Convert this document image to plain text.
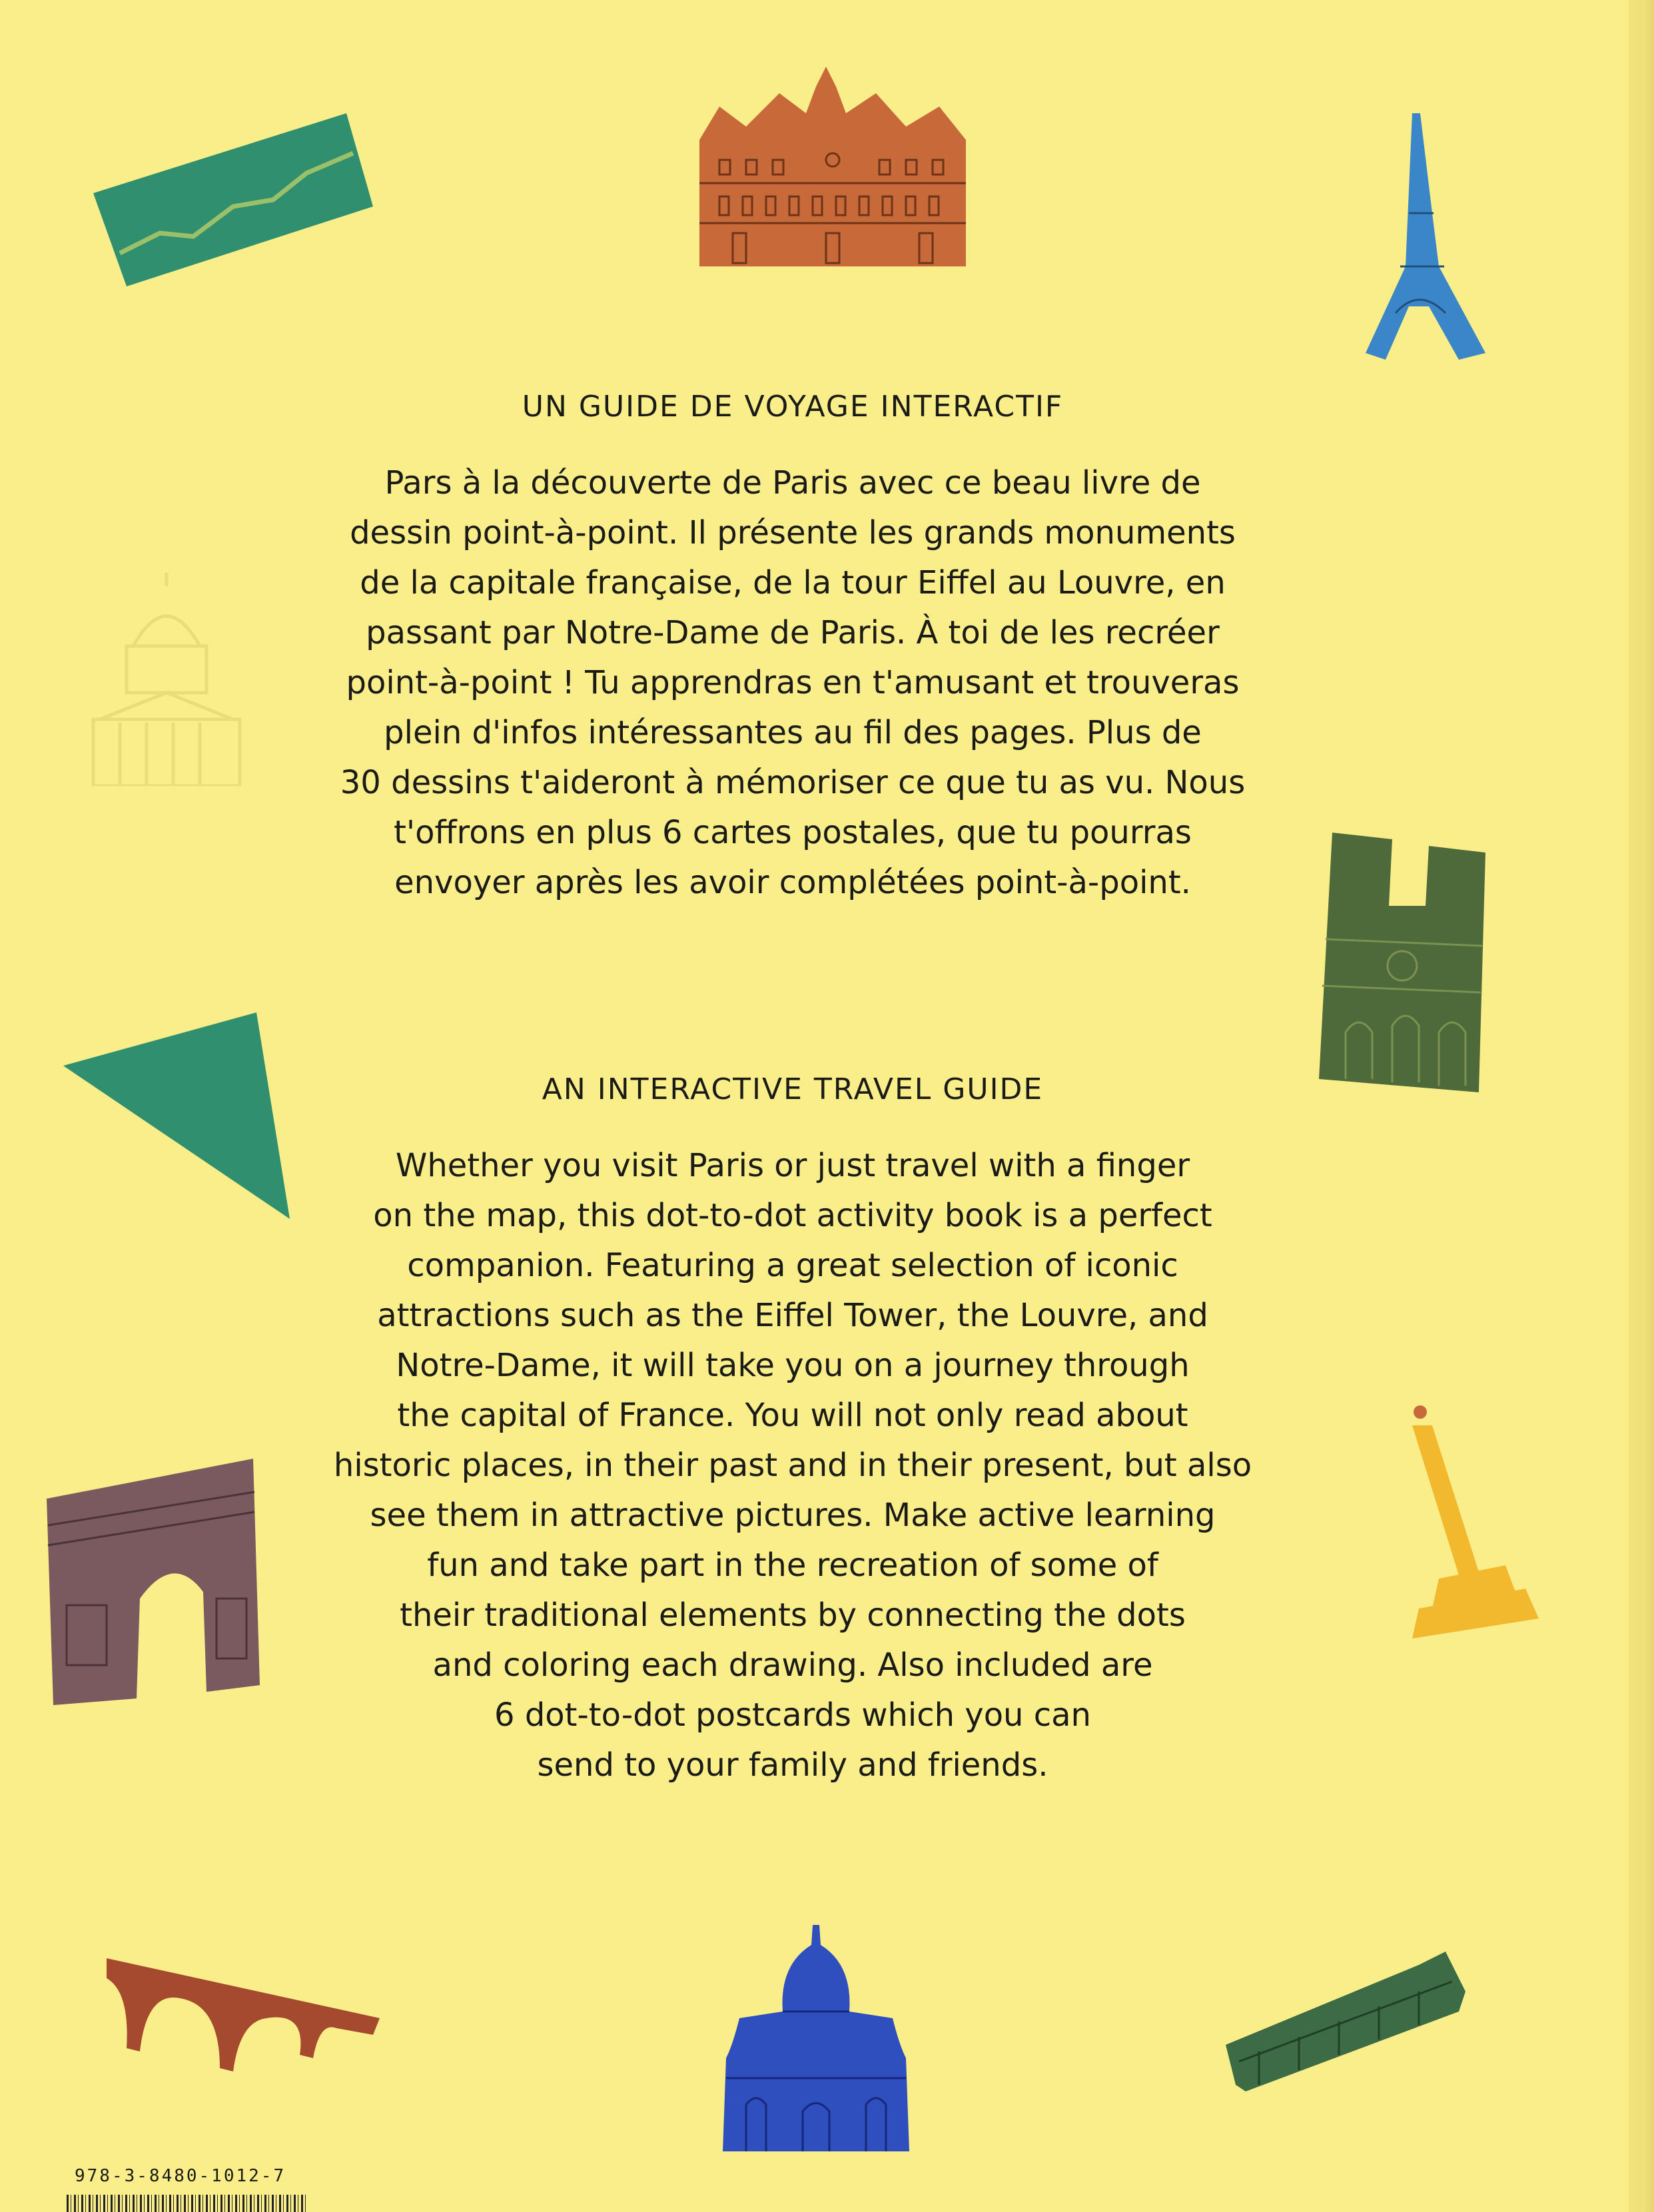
UN GUIDE DE VOYAGE INTERACTIF

Pars à la découverte de Paris avec ce beau livre de

dessin point-à-point. Il présente les grands monuments

de la capitale française, de la tour Eiffel au Louvre, en

passant par Notre-Dame de Paris. À toi de les recréer

point-à-point ! Tu apprendras en t'amusant et trouveras

plein d'infos intéressantes au fil des pages. Plus de

30 dessins t'aideront à mémoriser ce que tu as vu. Nous

t'offrons en plus 6 cartes postales, que tu pourras

envoyer après les avoir complétées point-à-point.

AN INTERACTIVE TRAVEL GUIDE

Whether you visit Paris or just travel with a finger

on the map, this dot-to-dot activity book is a perfect

companion. Featuring a great selection of iconic

attractions such as the Eiffel Tower, the Louvre, and

Notre-Dame, it will take you on a journey through

the capital of France. You will not only read about

historic places, in their past and in their present, but also

see them in attractive pictures. Make active learning

fun and take part in the recreation of some of

their traditional elements by connecting the dots

and coloring each drawing. Also included are

6 dot-to-dot postcards which you can

send to your family and friends.

978-3-8480-1012-7
